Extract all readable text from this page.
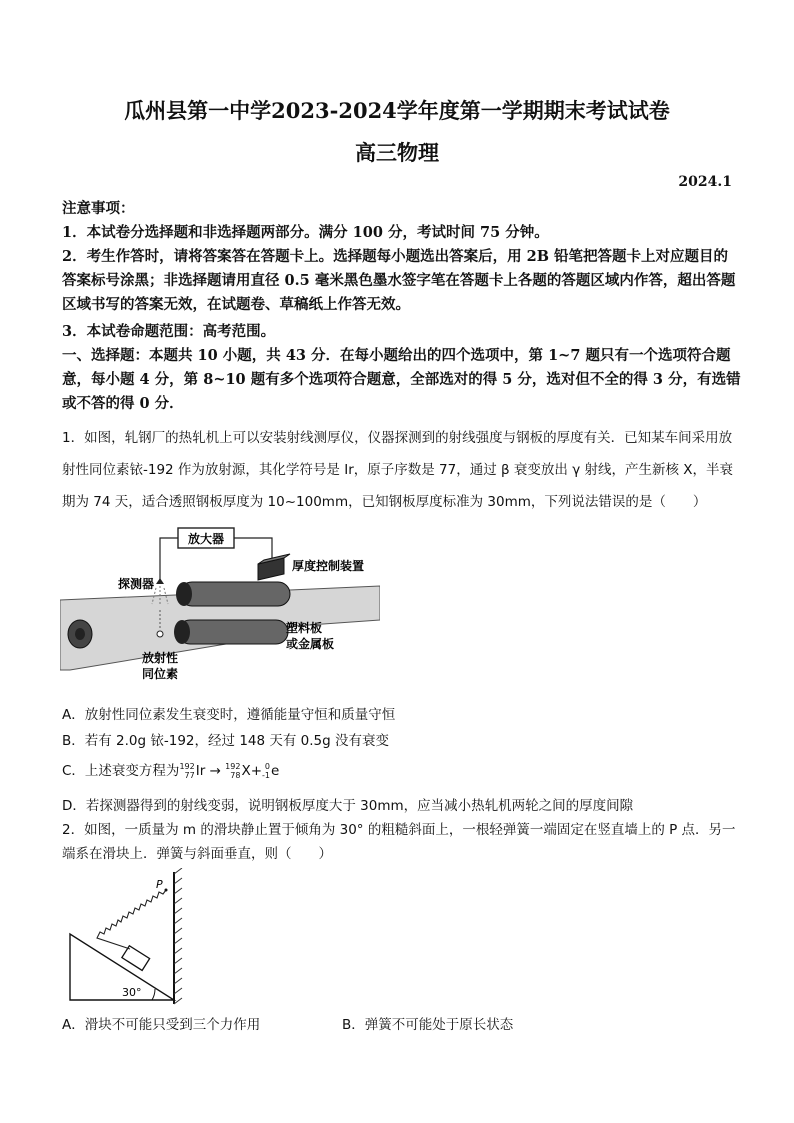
瓜州县第一中学2023-2024学年度第一学期期末考试试卷
高三物理
2024.1
注意事项：
1．本试卷分选择题和非选择题两部分。满分 100 分，考试时间 75 分钟。
2．考生作答时，请将答案答在答题卡上。选择题每小题选出答案后，用 2B 铅笔把答题卡上对应题目的答案标号涂黑；非选择题请用直径 0.5 毫米黑色墨水签字笔在答题卡上各题的答题区域内作答，超出答题区域书写的答案无效，在试题卷、草稿纸上作答无效。
3．本试卷命题范围：高考范围。
一、选择题：本题共 10 小题，共 43 分．在每小题给出的四个选项中，第 1~7 题只有一个选项符合题意，每小题 4 分，第 8~10 题有多个选项符合题意，全部选对的得 5 分，选对但不全的得 3 分，有选错或不答的得 0 分．
1．如图，轧钢厂的热轧机上可以安装射线测厚仪，仪器探测到的射线强度与钢板的厚度有关．已知某车间采用放射性同位素铱-192 作为放射源，其化学符号是 Ir，原子序数是 77，通过 β 衰变放出 γ 射线，产生新核 X，半衰期为 74 天，适合透照钢板厚度为 10~100mm，已知钢板厚度标准为 30mm，下列说法错误的是（　　）
放大器
厚度控制装置
探测器
放射性
同位素
塑料板
或金属板
A．放射性同位素发生衰变时，遵循能量守恒和质量守恒
B．若有 2.0g 铱-192，经过 148 天有 0.5g 没有衰变
C．上述衰变方程为192
77Ir → 192
78X+ 0
-1e
D．若探测器得到的射线变弱，说明钢板厚度大于 30mm，应当减小热轧机两轮之间的厚度间隙
2．如图，一质量为 m 的滑块静止置于倾角为 30° 的粗糙斜面上，一根轻弹簧一端固定在竖直墙上的 P 点．另一端系在滑块上．弹簧与斜面垂直，则（　　）
P
30°
A．滑块不可能只受到三个力作用	B．弹簧不可能处于原长状态
